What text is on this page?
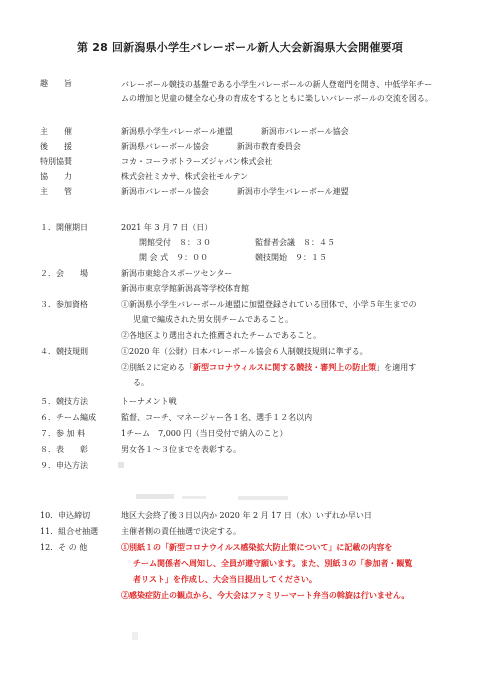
第 28 回新潟県小学生バレーボール新人大会新潟県大会開催要項
趣　　旨	バレーボール競技の基盤である小学生バレーボールの新人登竜門を開き、中低学年チームの増加と児童の健全な心身の育成をするとともに楽しいバレーボールの交流を図る。
主　　催	新潟県小学生バレーボール連盟	新潟市バレーボール協会
後　　援	新潟県バレーボール協会	新潟市教育委員会
特別協賛	コカ・コーラボトラーズジャパン株式会社
協　　力	株式会社ミカサ、株式会社モルテン
主　　管	新潟市バレーボール協会	新潟市小学生バレーボール連盟
１．開催期日	2021 年 3 月 7 日（日）
開館受付　８：３０	監督者会議　８：４５
開 会 式　９：００	競技開始　９：１５
２．会　　場	新潟市東総合スポーツセンター
新潟市東京学館新潟高等学校体育館
３．参加資格	①新潟県小学生バレーボール連盟に加盟登録されている団体で、小学５年生までの
児童で編成された男女別チームであること。
②各地区より選出された推薦されたチームであること。
４．競技規則	①2020 年（公財）日本バレーボール協会６人制競技規則に準ずる。
②別紙２に定める「新型コロナウィルスに関する競技・審判上の防止策」を適用す
る。
５．競技方法	トーナメント戦
６．チーム編成	監督、コーチ、マネージャー各１名、選手１２名以内
７．参 加 料	1チーム　7,000 円（当日受付で納入のこと）
８．表　　彰	男女各１～３位までを表彰する。
９．申込方法
10．申込締切	地区大会終了後３日以内か 2020 年 2 月 17 日（水）いずれか早い日
11．組合せ抽選	主催者側の責任抽選で決定する。
12．そ の 他	①別紙１の「新型コロナウイルス感染拡大防止策について」に記載の内容を
チーム関係者へ周知し、全員が遵守願います。また、別紙３の「参加者・観覧
者リスト」を作成し、大会当日提出してください。
②感染症防止の観点から、今大会はファミリーマート弁当の斡旋は行いません。
